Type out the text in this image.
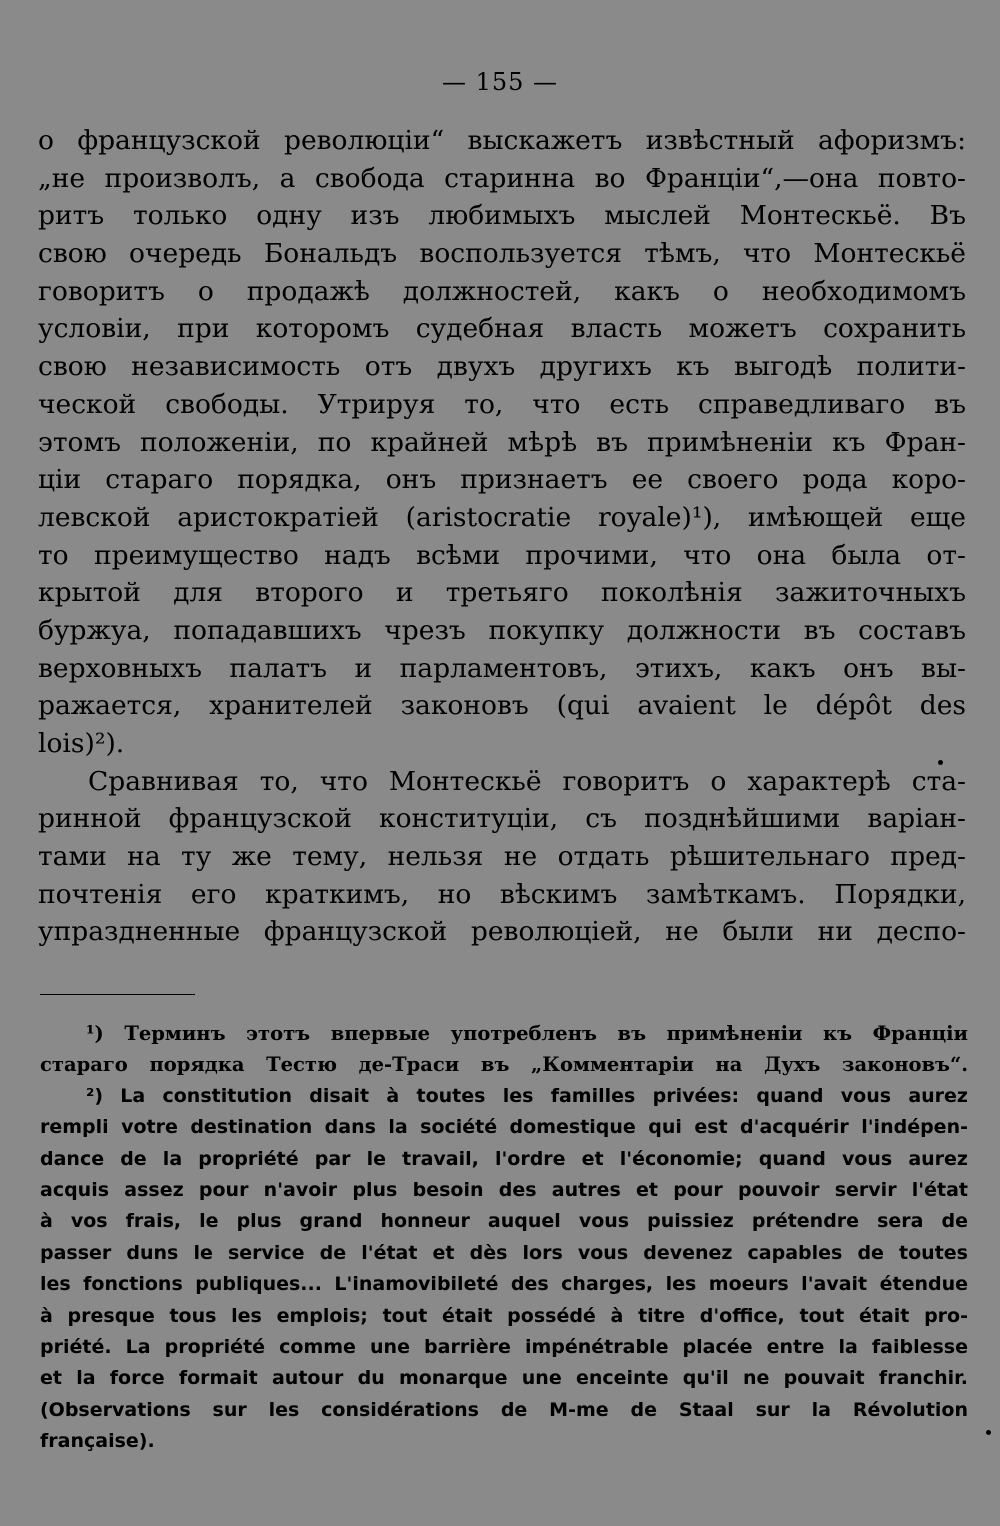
— 155 —
о французской революціи“ выскажетъ извѣстный афоризмъ:
„не произволъ, а свобода старинна во Франціи“,—она повто-
ритъ только одну изъ любимыхъ мыслей Монтескьё. Въ
свою очередь Бональдъ воспользуется тѣмъ, что Монтескьё
говоритъ о продажѣ должностей, какъ о необходимомъ
условіи, при которомъ судебная власть можетъ сохранить
свою независимость отъ двухъ другихъ къ выгодѣ полити-
ческой свободы. Утрируя то, что есть справедливаго въ
этомъ положеніи, по крайней мѣрѣ въ примѣненіи къ Фран-
ціи стараго порядка, онъ признаетъ ее своего рода коро-
левской аристократіей (aristocratie royale)¹), имѣющей еще
то преимущество надъ всѣми прочими, что она была от-
крытой для второго и третьяго поколѣнія зажиточныхъ
буржуа, попадавшихъ чрезъ покупку должности въ составъ
верховныхъ палатъ и парламентовъ, этихъ, какъ онъ вы-
ражается, хранителей законовъ (qui avaient le dépôt des
lois)²).
Сравнивая то, что Монтескьё говоритъ о характерѣ ста-
ринной французской конституціи, съ позднѣйшими варіан-
тами на ту же тему, нельзя не отдать рѣшительнаго пред-
почтенія его краткимъ, но вѣскимъ замѣткамъ. Порядки,
упраздненные французской революціей, не были ни деспо-
¹) Терминъ этотъ впервые употребленъ въ примѣненіи къ Франціи
стараго порядка Тестю де-Траси въ „Комментаріи на Духъ законовъ“.
²) La constitution disait à toutes les familles privées: quand vous aurez
rempli votre destination dans la société domestique qui est d'acquérir l'indépen-
dance de la propriété par le travail, l'ordre et l'économie; quand vous aurez
acquis assez pour n'avoir plus besoin des autres et pour pouvoir servir l'état
à vos frais, le plus grand honneur auquel vous puissiez prétendre sera de
passer duns le service de l'état et dès lors vous devenez capables de toutes
les fonctions publiques... L'inamovibileté des charges, les moeurs l'avait étendue
à presque tous les emplois; tout était possédé à titre d'office, tout était pro-
priété. La propriété comme une barrière impénétrable placée entre la faiblesse
et la force formait autour du monarque une enceinte qu'il ne pouvait franchir.
(Observations sur les considérations de M-me de Staal sur la Révolution
française).
